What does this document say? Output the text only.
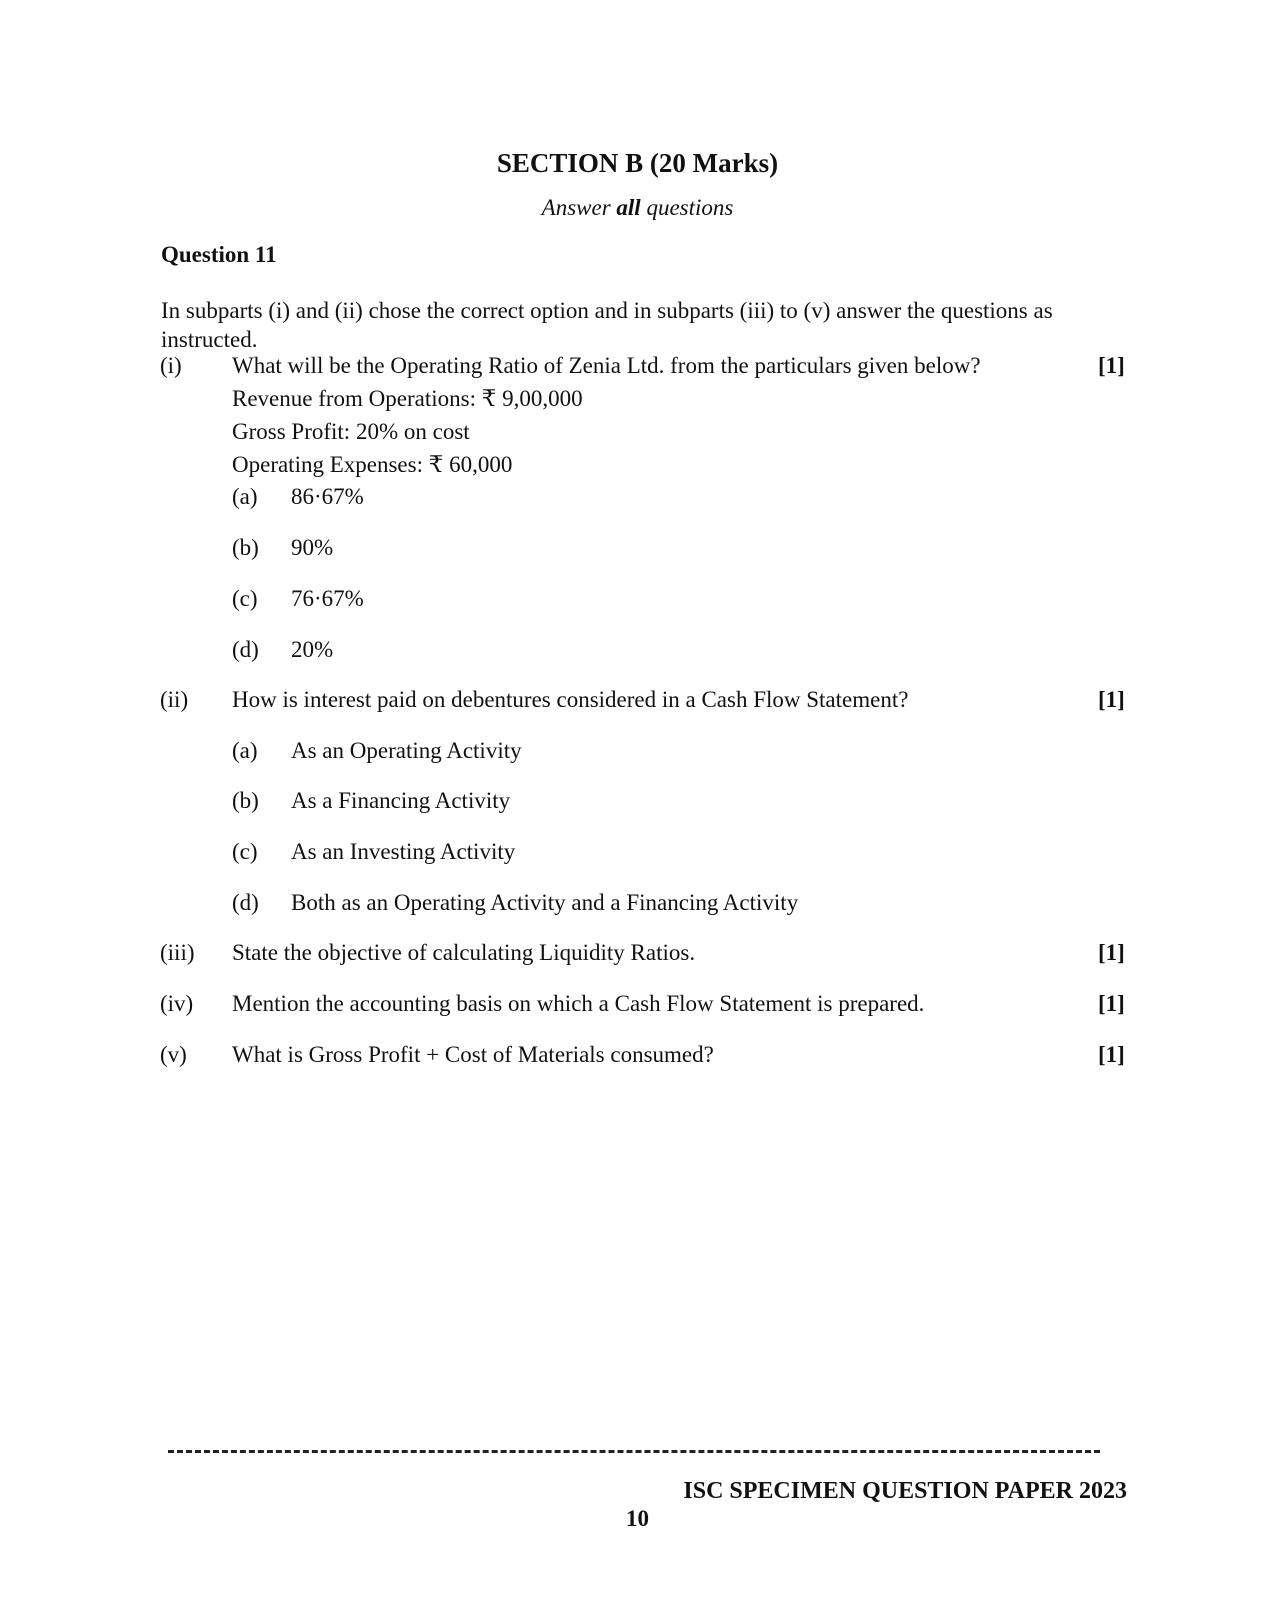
SECTION B (20 Marks)
Answer all questions
Question 11
In subparts (i) and (ii) chose the correct option and in subparts (iii) to (v) answer the questions as instructed.
(i) What will be the Operating Ratio of Zenia Ltd. from the particulars given below?	[1]
Revenue from Operations: ₹ 9,00,000
Gross Profit: 20% on cost
Operating Expenses: ₹ 60,000
(a) 86·67%
(b) 90%
(c) 76·67%
(d) 20%
(ii) How is interest paid on debentures considered in a Cash Flow Statement?	[1]
(a) As an Operating Activity
(b) As a Financing Activity
(c) As an Investing Activity
(d) Both as an Operating Activity and a Financing Activity
(iii) State the objective of calculating Liquidity Ratios.	[1]
(iv) Mention the accounting basis on which a Cash Flow Statement is prepared.	[1]
(v) What is Gross Profit + Cost of Materials consumed?	[1]
ISC SPECIMEN QUESTION PAPER 2023
10
